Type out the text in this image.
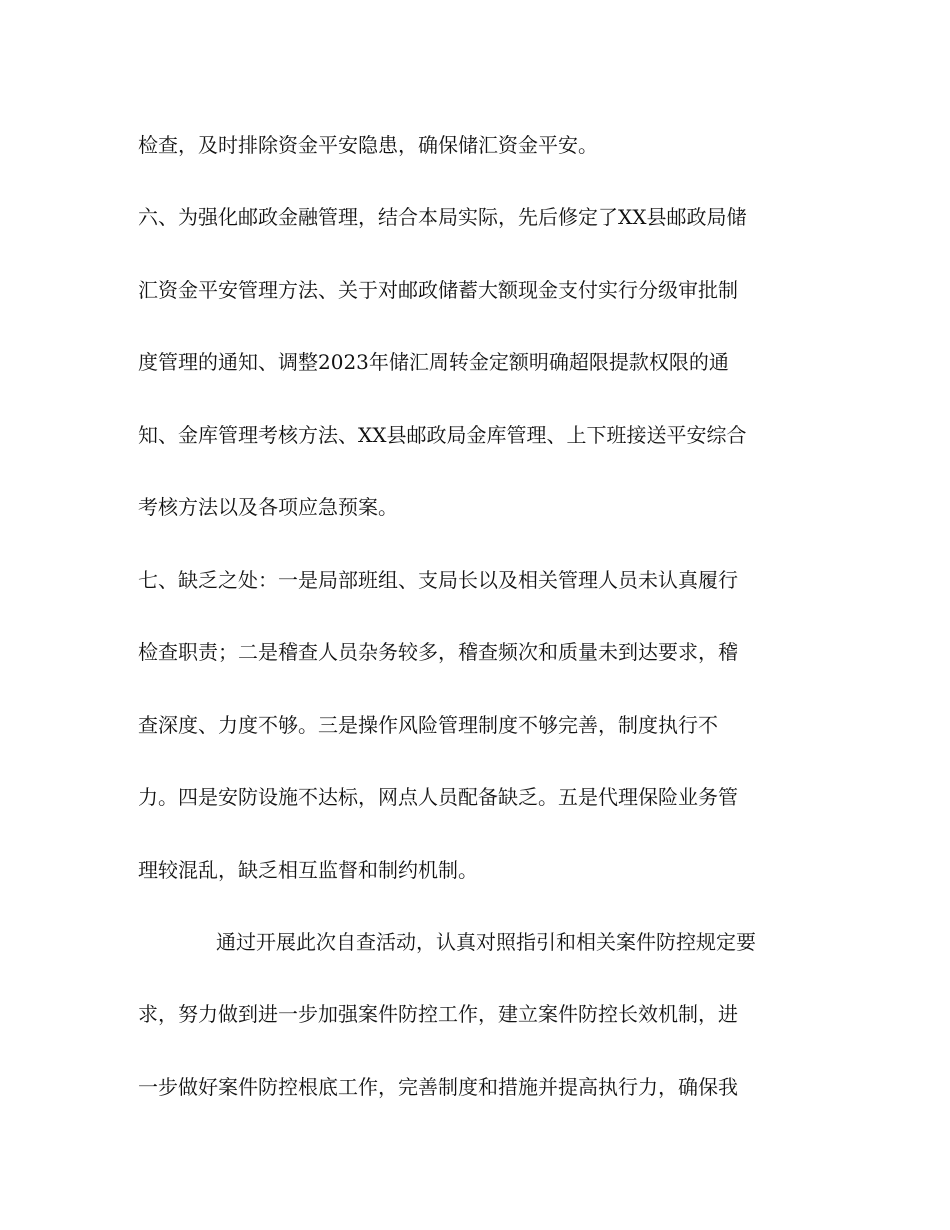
检查，及时排除资金平安隐患，确保储汇资金平安。
六、为强化邮政金融管理，结合本局实际，先后修定了XX县邮政局储
汇资金平安管理方法、关于对邮政储蓄大额现金支付实行分级审批制
度管理的通知、调整2023年储汇周转金定额明确超限提款权限的通
知、金库管理考核方法、XX县邮政局金库管理、上下班接送平安综合
考核方法以及各项应急预案。
七、缺乏之处：一是局部班组、支局长以及相关管理人员未认真履行
检查职责；二是稽查人员杂务较多，稽查频次和质量未到达要求，稽
查深度、力度不够。三是操作风险管理制度不够完善，制度执行不
力。四是安防设施不达标，网点人员配备缺乏。五是代理保险业务管
理较混乱，缺乏相互监督和制约机制。
通过开展此次自查活动，认真对照指引和相关案件防控规定要
求，努力做到进一步加强案件防控工作，建立案件防控长效机制，进
一步做好案件防控根底工作，完善制度和措施并提高执行力，确保我
